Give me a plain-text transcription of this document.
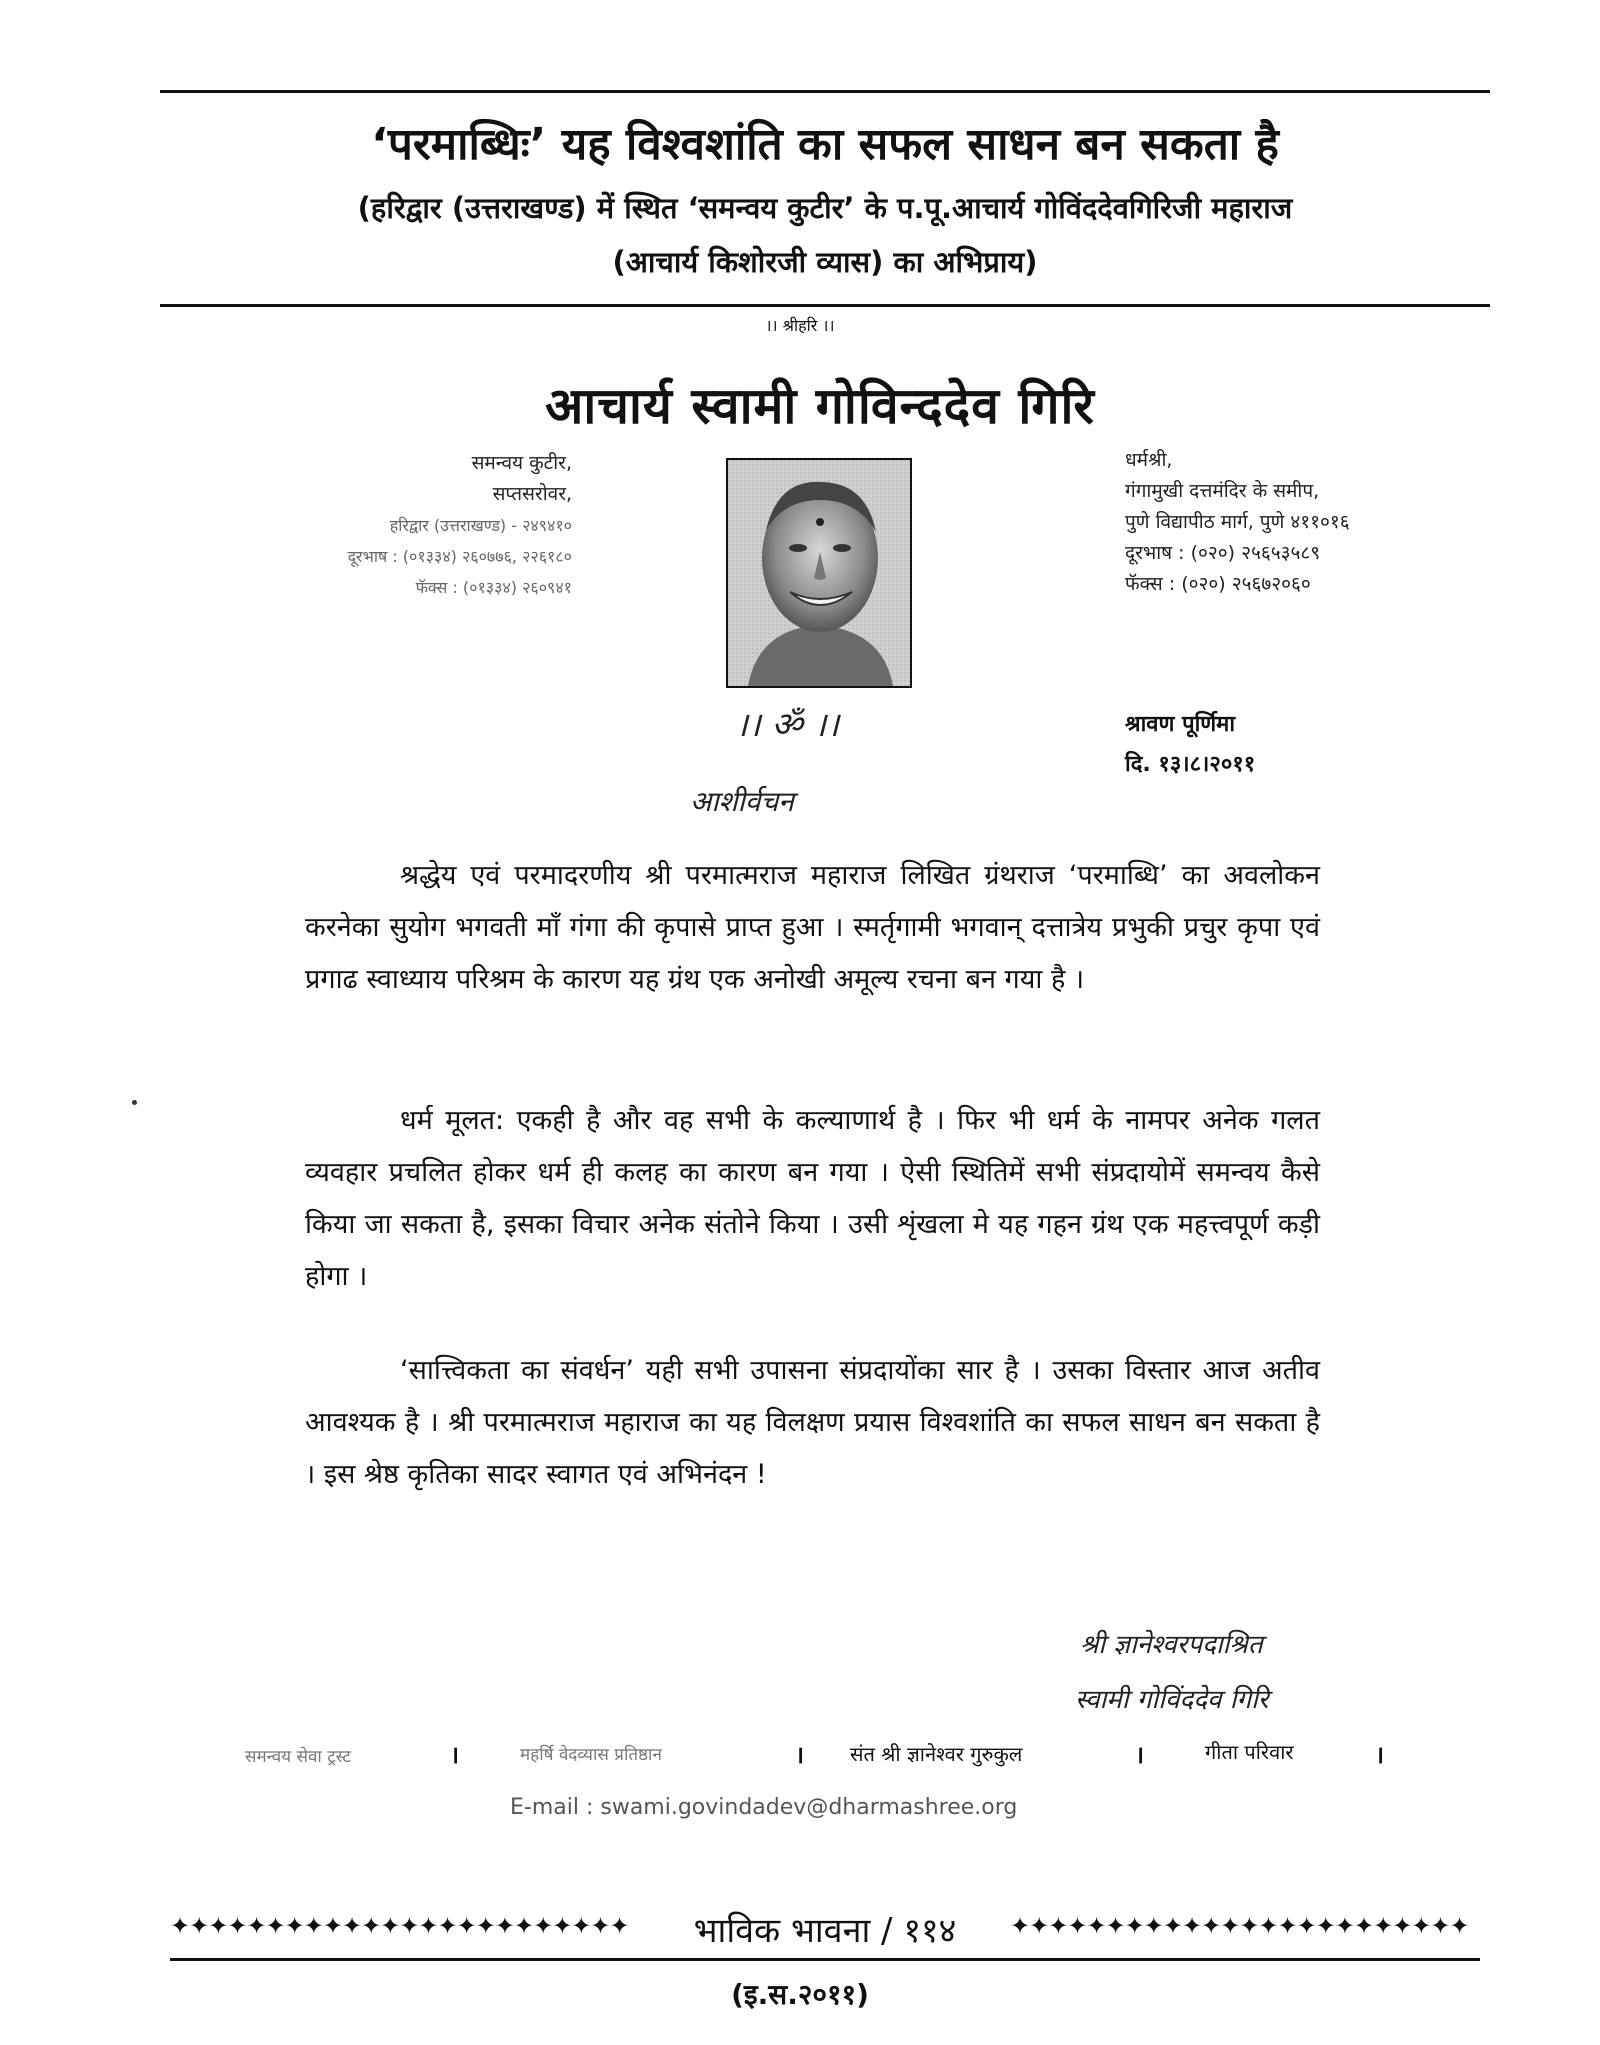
‘परमाब्धिः’ यह विश्वशांति का सफल साधन बन सकता है
(हरिद्वार (उत्तराखण्ड) में स्थित ‘समन्वय कुटीर’ के प.पू.आचार्य गोविंददेवगिरिजी महाराज
(आचार्य किशोरजी व्यास) का अभिप्राय)
।। श्रीहरि ।।
आचार्य स्वामी गोविन्ददेव गिरि
समन्वय कुटीर,
सप्तसरोवर,
हरिद्वार (उत्तराखण्ड) - २४९४१०
दूरभाष : (०१३३४) २६०७७६, २२६१८०
फॅक्स : (०१३३४) २६०९४१
धर्मश्री,
गंगामुखी दत्तमंदिर के समीप,
पुणे विद्यापीठ मार्ग, पुणे ४११०१६
दूरभाष : (०२०) २५६५३५८९
फॅक्स : (०२०) २५६७२०६०
।। ॐ ।।
आशीर्वचन
श्रावण पूर्णिमा
दि. १३।८।२०११

श्रद्धेय एवं परमादरणीय श्री परमात्मराज महाराज लिखित ग्रंथराज ‘परमाब्धि’ का अवलोकन करनेका सुयोग भगवती माँ गंगा की कृपासे प्राप्त हुआ । स्मर्तृगामी भगवान् दत्तात्रेय प्रभुकी प्रचुर कृपा एवं प्रगाढ स्वाध्याय परिश्रम के कारण यह ग्रंथ एक अनोखी अमूल्य रचना बन गया है ।

धर्म मूलत: एकही है और वह सभी के कल्याणार्थ है । फिर भी धर्म के नामपर अनेक गलत व्यवहार प्रचलित होकर धर्म ही कलह का कारण बन गया । ऐसी स्थितिमें सभी संप्रदायोमें समन्वय कैसे किया जा सकता है, इसका विचार अनेक संतोने किया । उसी शृंखला मे यह गहन ग्रंथ एक महत्त्वपूर्ण कड़ी होगा ।

‘सात्त्विकता का संवर्धन’ यही सभी उपासना संप्रदायोंका सार है । उसका विस्तार आज अतीव आवश्यक है । श्री परमात्मराज महाराज का यह विलक्षण प्रयास विश्वशांति का सफल साधन बन सकता है । इस श्रेष्ठ कृतिका सादर स्वागत एवं अभिनंदन !

श्री ज्ञानेश्वरपदाश्रित
स्वामी गोविंददेव गिरि
समन्वय सेवा ट्रस्ट	।	महर्षि वेदव्यास प्रतिष्ठान	। संत श्री ज्ञानेश्वर गुरुकुल	।	गीता परिवार	।
E-mail : swami.govindadev@dharmashree.org
✦✦✦✦✦✦✦✦✦✦✦✦✦✦✦✦✦✦✦✦✦✦✦✦	भाविक भावना / ११४	✦✦✦✦✦✦✦✦✦✦✦✦✦✦✦✦✦✦✦✦✦✦✦✦
(इ.स.२०११)
